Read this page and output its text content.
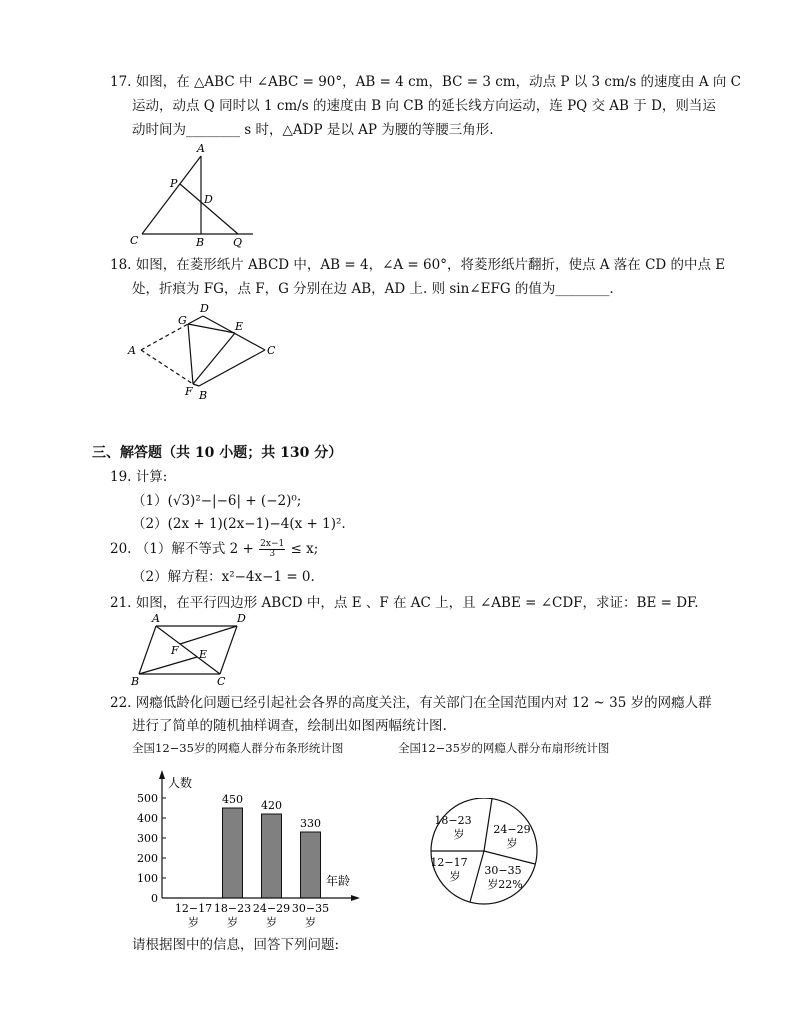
17. 如图，在 △ABC 中 ∠ABC = 90°，AB = 4 cm，BC = 3 cm，动点 P 以 3 cm/s 的速度由 A 向 C
运动，动点 Q 同时以 1 cm/s 的速度由 B 向 CB 的延长线方向运动，连 PQ 交 AB 于 D，则当运
动时间为________ s 时，△ADP 是以 AP 为腰的等腰三角形.
A
P
D
C	B	Q
18. 如图，在菱形纸片 ABCD 中，AB = 4，∠A = 60°，将菱形纸片翻折，使点 A 落在 CD 的中点 E
处，折痕为 FG，点 F，G 分别在边 AB，AD 上. 则 sin∠EFG 的值为________.
G
D
E
A	C
F B
三、解答题（共 10 小题；共 130 分）
19. 计算:
（1）(√3)²−|−6| + (−2)⁰;
（2）(2x + 1)(2x−1)−4(x + 1)².
20. （1）解不等式 $2 + \frac{2x-1}{3} \le x$;
（2）解方程：x²−4x−1 = 0.
21. 如图，在平行四边形 ABCD 中，点 E 、F 在 AC 上，且 ∠ABE = ∠CDF，求证：BE = DF.
A	D
F E
B	C
22. 网瘾低龄化问题已经引起社会各界的高度关注，有关部门在全国范围内对 12 ~ 35 岁的网瘾人群
进行了简单的随机抽样调查，绘制出如图两幅统计图.
全国12−35岁的网瘾人群分布条形统计图	全国12−35岁的网瘾人群分布扇形统计图
0
100
200
300
400
500
12−17
岁
450
18−23
岁
420
24−29
岁
330
30−35
岁
人数
年龄
18−23
岁	24−29
岁
30−35
岁22%
12−17
岁
请根据图中的信息，回答下列问题:
